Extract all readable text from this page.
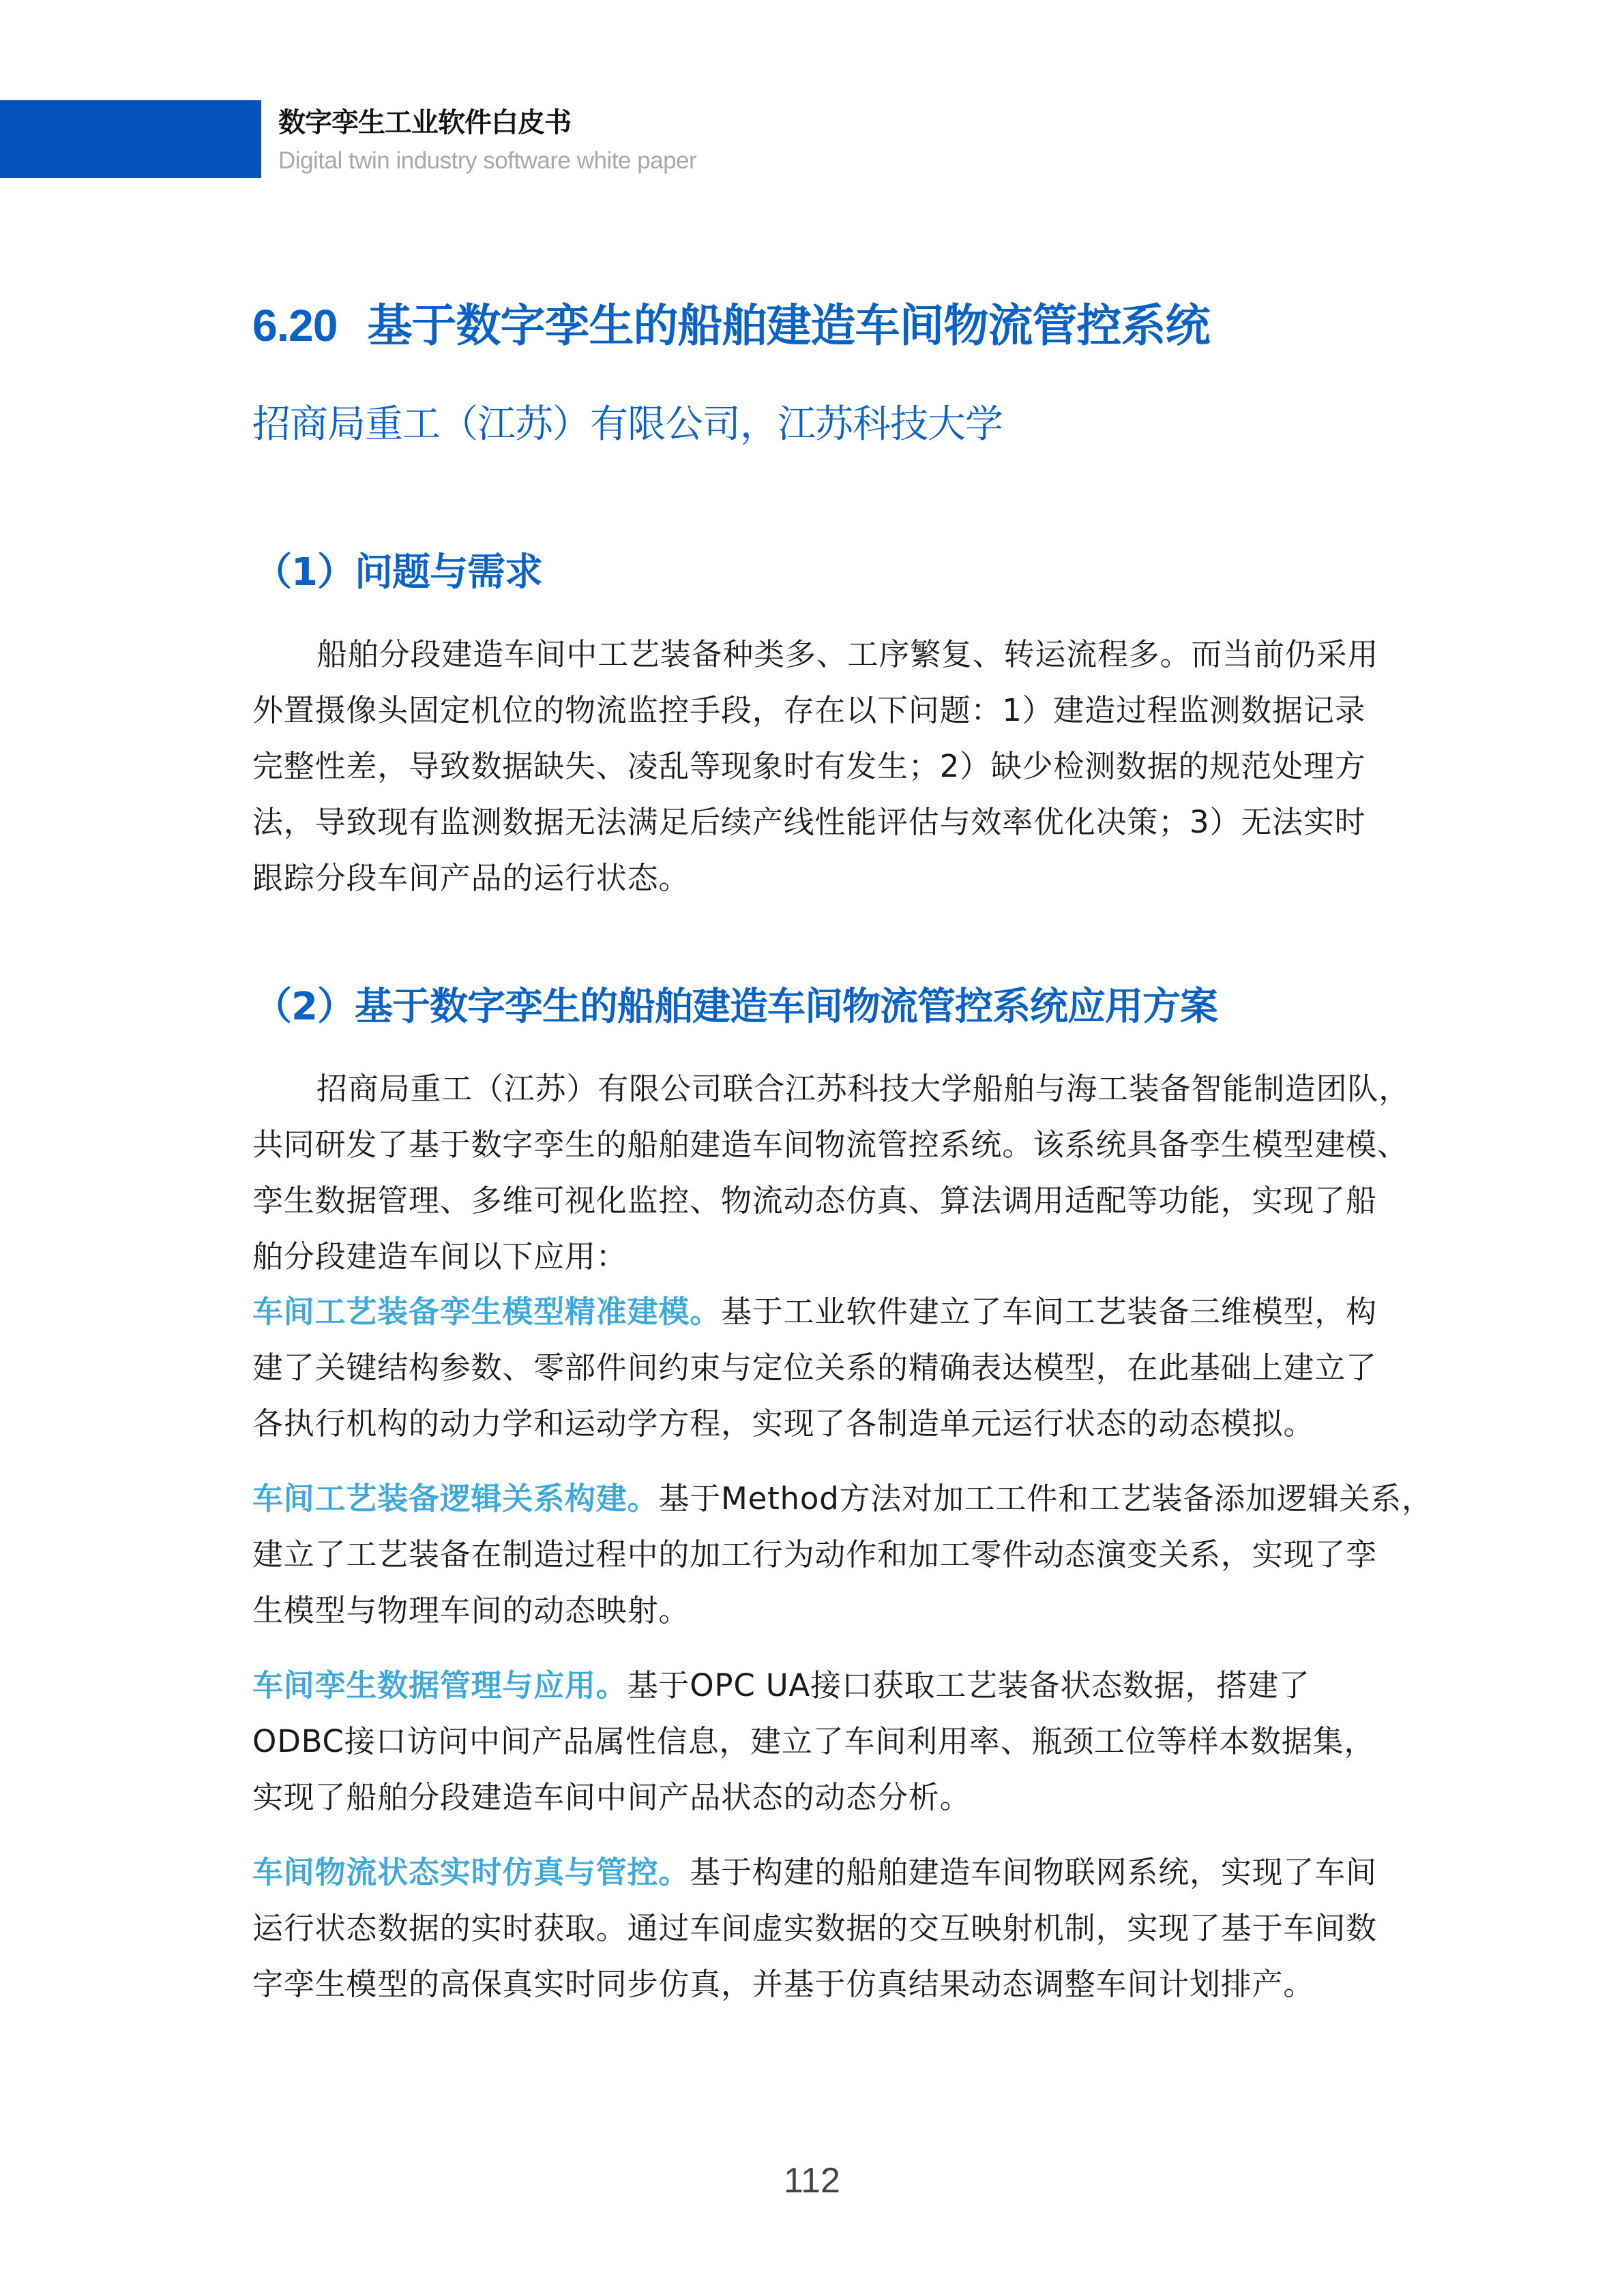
数字孪生工业软件白皮书
Digital twin industry software white paper
6.20 基于数字孪生的船舶建造车间物流管控系统
招商局重工（江苏）有限公司，江苏科技大学
（1）问题与需求
船舶分段建造车间中工艺装备种类多、工序繁复、转运流程多。而当前仍采用
外置摄像头固定机位的物流监控手段，存在以下问题：1）建造过程监测数据记录
完整性差，导致数据缺失、凌乱等现象时有发生；2）缺少检测数据的规范处理方
法，导致现有监测数据无法满足后续产线性能评估与效率优化决策；3）无法实时
跟踪分段车间产品的运行状态。
（2）基于数字孪生的船舶建造车间物流管控系统应用方案
招商局重工（江苏）有限公司联合江苏科技大学船舶与海工装备智能制造团队，
共同研发了基于数字孪生的船舶建造车间物流管控系统。该系统具备孪生模型建模、
孪生数据管理、多维可视化监控、物流动态仿真、算法调用适配等功能，实现了船
舶分段建造车间以下应用：
车间工艺装备孪生模型精准建模。基于工业软件建立了车间工艺装备三维模型，构
建了关键结构参数、零部件间约束与定位关系的精确表达模型，在此基础上建立了
各执行机构的动力学和运动学方程，实现了各制造单元运行状态的动态模拟。
车间工艺装备逻辑关系构建。基于Method方法对加工工件和工艺装备添加逻辑关系，
建立了工艺装备在制造过程中的加工行为动作和加工零件动态演变关系，实现了孪
生模型与物理车间的动态映射。
车间孪生数据管理与应用。基于OPC UA接口获取工艺装备状态数据，搭建了
ODBC接口访问中间产品属性信息，建立了车间利用率、瓶颈工位等样本数据集，
实现了船舶分段建造车间中间产品状态的动态分析。
车间物流状态实时仿真与管控。基于构建的船舶建造车间物联网系统，实现了车间
运行状态数据的实时获取。通过车间虚实数据的交互映射机制，实现了基于车间数
字孪生模型的高保真实时同步仿真，并基于仿真结果动态调整车间计划排产。
112
